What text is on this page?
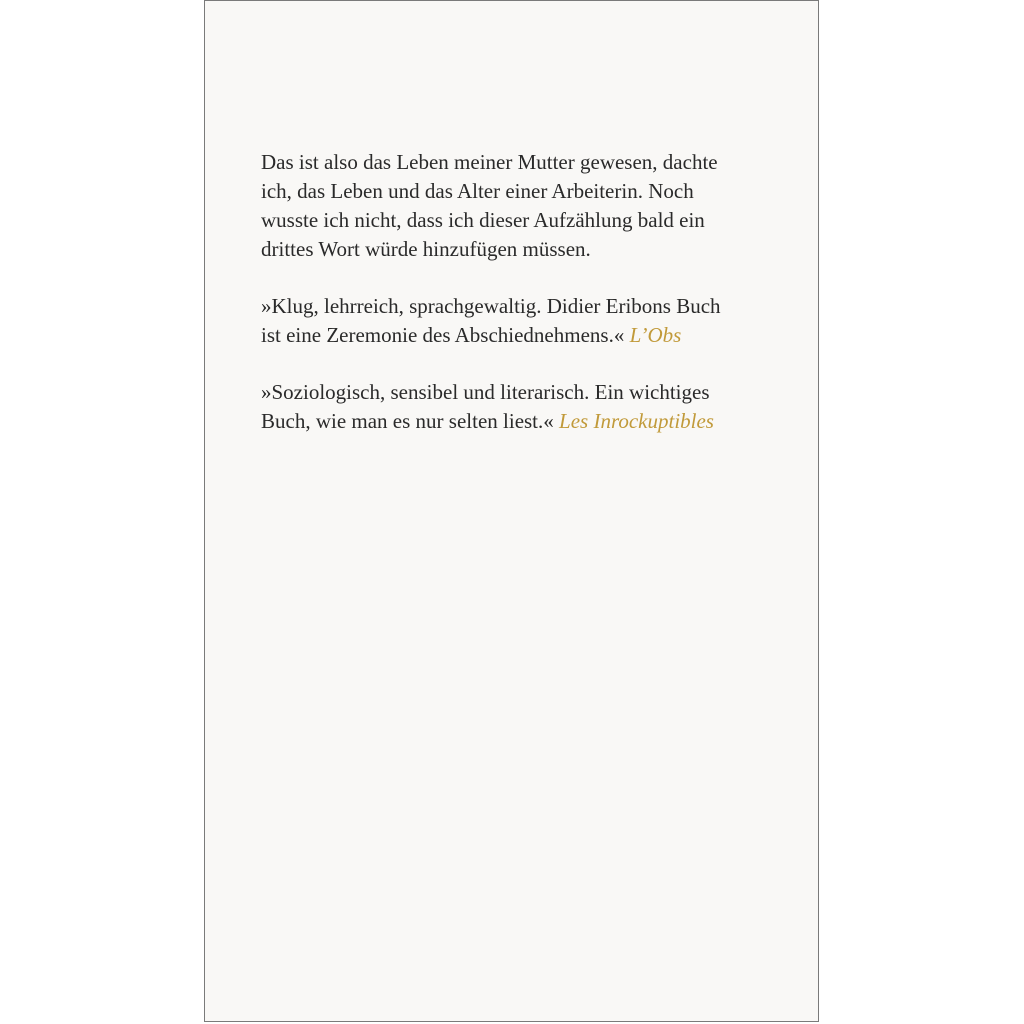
Das ist also das Leben meiner Mutter gewesen, dachte
ich, das Leben und das Alter einer Arbeiterin. Noch
wusste ich nicht, dass ich dieser Aufzählung bald ein
drittes Wort würde hinzufügen müssen.

»Klug, lehrreich, sprachgewaltig. Didier Eribons Buch
ist eine Zeremonie des Abschiednehmens.« L’Obs

»Soziologisch, sensibel und literarisch. Ein wichtiges
Buch, wie man es nur selten liest.« Les Inrockuptibles
